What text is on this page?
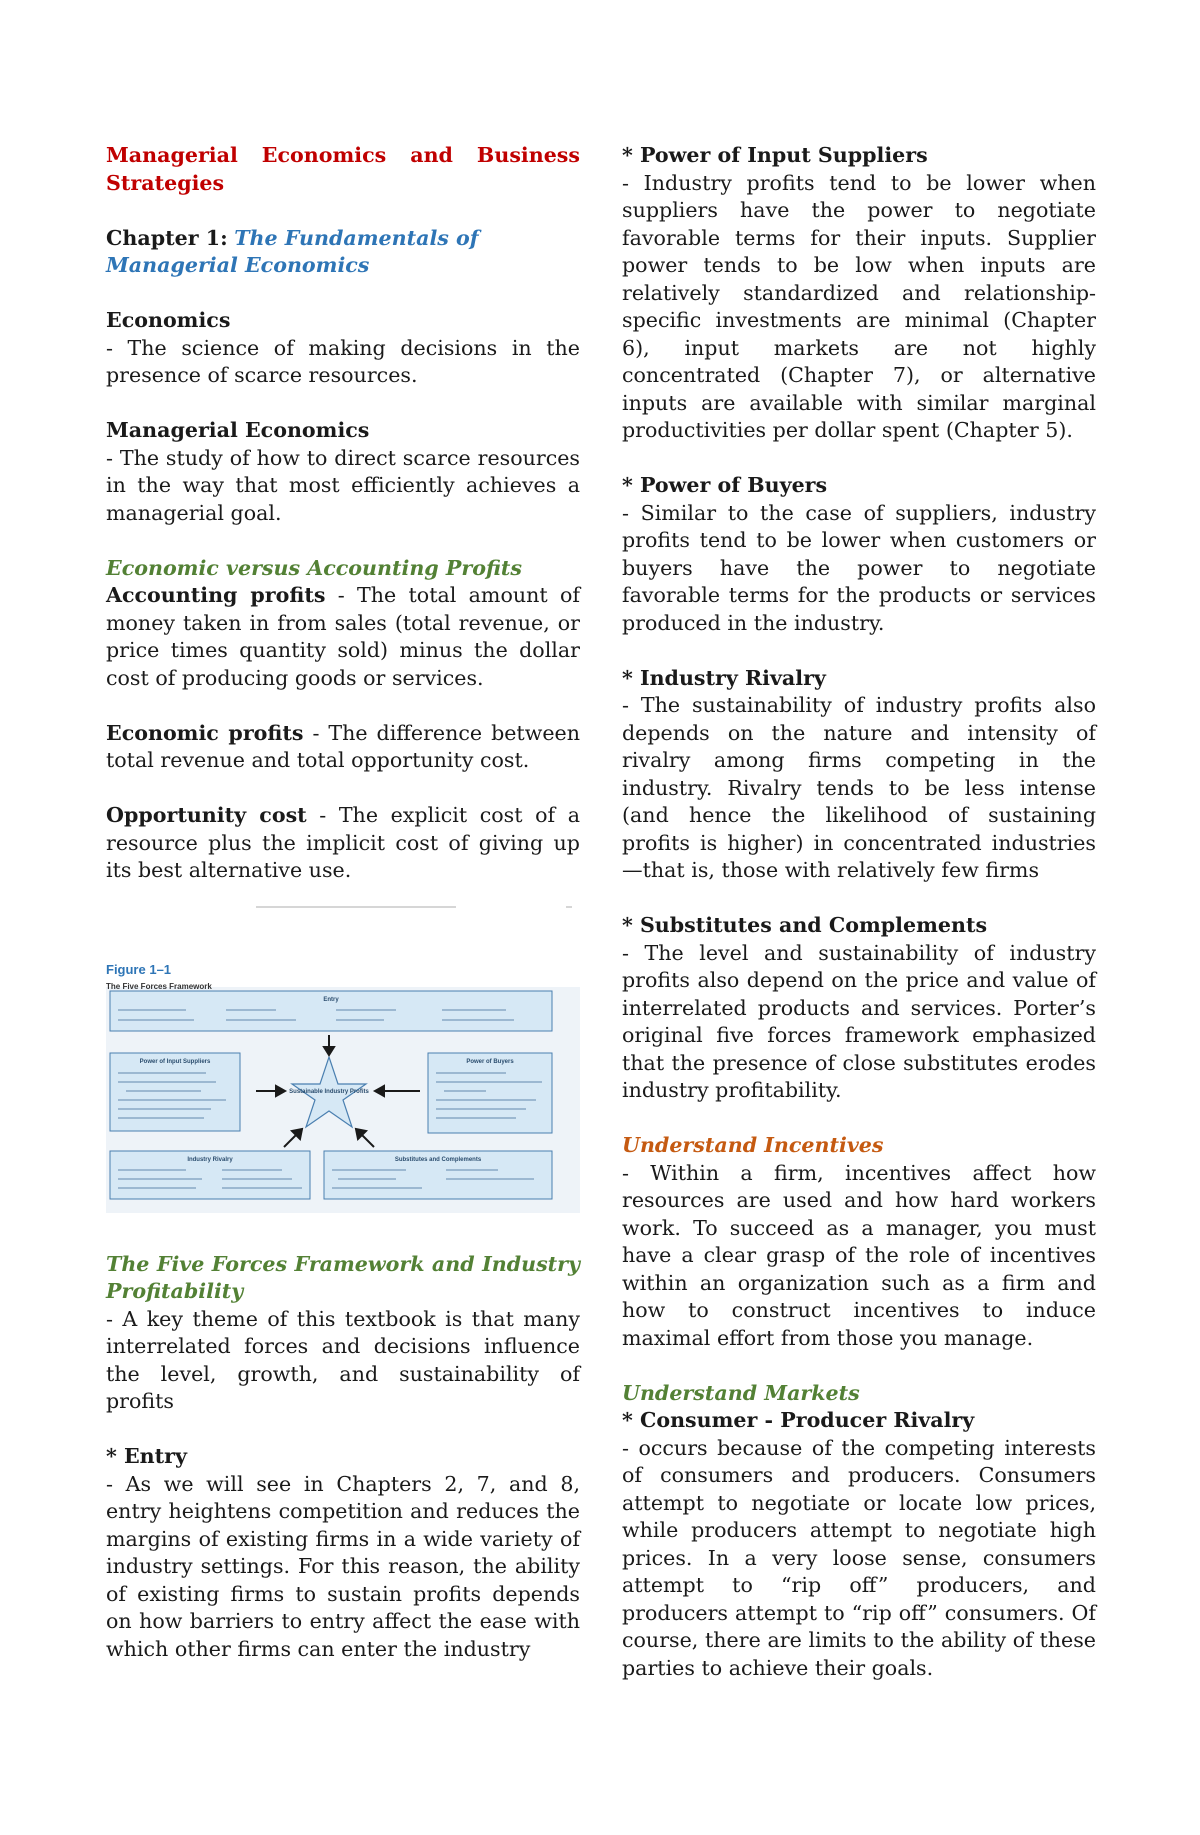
Managerial Economics and Business Strategies

Chapter 1: The Fundamentals of Managerial Economics

Economics

- The science of making decisions in the presence of scarce resources.

Managerial Economics

- The study of how to direct scarce resources in the way that most efficiently achieves a managerial goal.

Economic versus Accounting Profits

Accounting profits - The total amount of money taken in from sales (total revenue, or price times quantity sold) minus the dollar cost of producing goods or services.

Economic profits - The difference between total revenue and total opportunity cost.

Opportunity cost - The explicit cost of a resource plus the implicit cost of giving up its best alternative use.

Entry
Power of Input Suppliers	Power of Buyers
Industry Rivalry	Substitutes and Complements
Sustainable Industry Profits
Figure 1–1
The Five Forces Framework

The Five Forces Framework and Industry Profitability

- A key theme of this textbook is that many interrelated forces and decisions influence the level, growth, and sustainability of profits

* Entry

- As we will see in Chapters 2, 7, and 8, entry heightens competition and reduces the margins of existing firms in a wide variety of industry settings. For this reason, the ability of existing firms to sustain profits depends on how barriers to entry affect the ease with which other firms can enter the industry

* Power of Input Suppliers

- Industry profits tend to be lower when suppliers have the power to negotiate favorable terms for their inputs. Supplier power tends to be low when inputs are relatively standardized and relationship-specific investments are minimal (Chapter 6), input markets are not highly concentrated (Chapter 7), or alternative inputs are available with similar marginal productivities per dollar spent (Chapter 5).

* Power of Buyers

- Similar to the case of suppliers, industry profits tend to be lower when customers or buyers have the power to negotiate favorable terms for the products or services produced in the industry.

* Industry Rivalry

- The sustainability of industry profits also depends on the nature and intensity of rivalry among firms competing in the industry. Rivalry tends to be less intense (and hence the likelihood of sustaining profits is higher) in concentrated industries—that is, those with relatively few firms

* Substitutes and Complements

- The level and sustainability of industry profits also depend on the price and value of interrelated products and services. Porter’s original five forces framework emphasized that the presence of close substitutes erodes industry profitability.

Understand Incentives

- Within a firm, incentives affect how resources are used and how hard workers work. To succeed as a manager, you must have a clear grasp of the role of incentives within an organization such as a firm and how to construct incentives to induce maximal effort from those you manage.

Understand Markets

* Consumer - Producer Rivalry

- occurs because of the competing interests of consumers and producers. Consumers attempt to negotiate or locate low prices, while producers attempt to negotiate high prices. In a very loose sense, consumers attempt to “rip off” producers, and producers attempt to “rip off” consumers. Of course, there are limits to the ability of these parties to achieve their goals.
